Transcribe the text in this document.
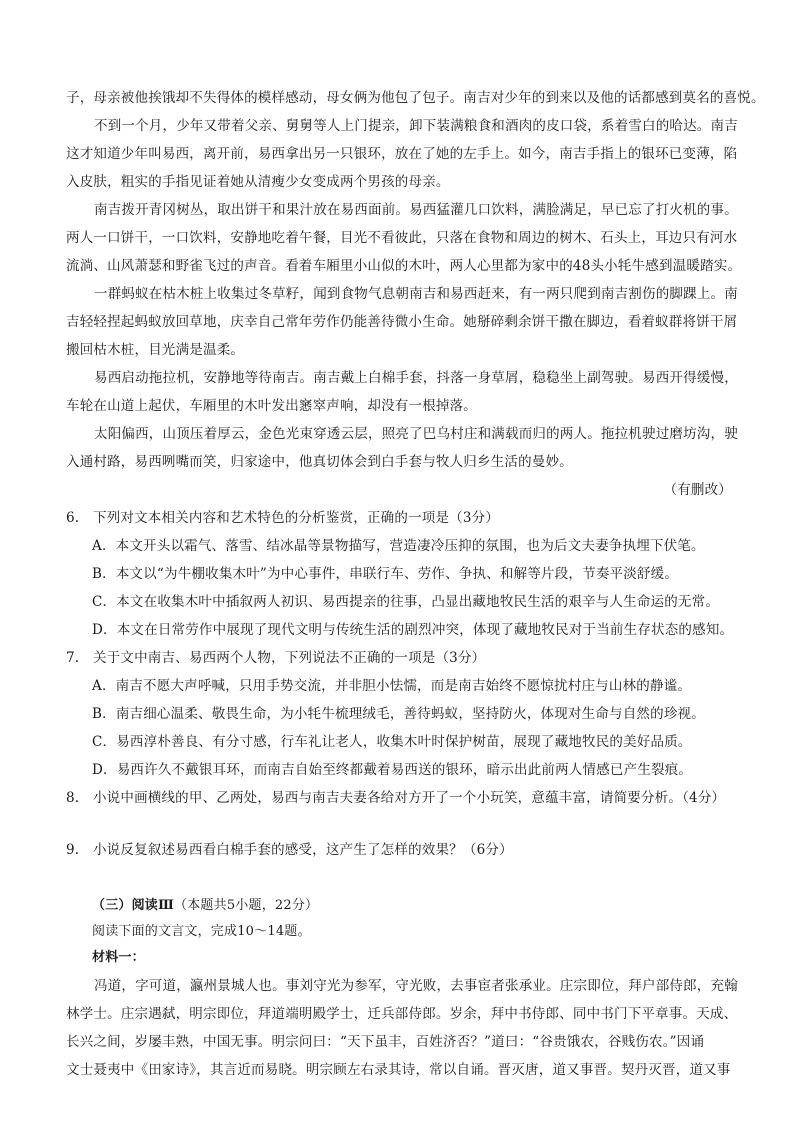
子，母亲被他挨饿却不失得体的模样感动，母女俩为他包了包子。南吉对少年的到来以及他的话都感到莫名的喜悦。
不到一个月，少年又带着父亲、舅舅等人上门提亲，卸下装满粮食和酒肉的皮口袋，系着雪白的哈达。南吉
这才知道少年叫易西，离开前，易西拿出另一只银环，放在了她的左手上。如今，南吉手指上的银环已变薄，陷
入皮肤，粗实的手指见证着她从清瘦少女变成两个男孩的母亲。
南吉拨开青冈树丛，取出饼干和果汁放在易西面前。易西猛灌几口饮料，满脸满足，早已忘了打火机的事。
两人一口饼干，一口饮料，安静地吃着午餐，目光不看彼此，只落在食物和周边的树木、石头上，耳边只有河水
流淌、山风萧瑟和野雀飞过的声音。看着车厢里小山似的木叶，两人心里都为家中的48头小牦牛感到温暖踏实。
一群蚂蚁在枯木桩上收集过冬草籽，闻到食物气息朝南吉和易西赶来，有一两只爬到南吉割伤的脚踝上。南
吉轻轻捏起蚂蚁放回草地，庆幸自己常年劳作仍能善待微小生命。她掰碎剩余饼干撒在脚边，看着蚁群将饼干屑
搬回枯木桩，目光满是温柔。
易西启动拖拉机，安静地等待南吉。南吉戴上白棉手套，抖落一身草屑，稳稳坐上副驾驶。易西开得缓慢，
车轮在山道上起伏，车厢里的木叶发出窸窣声响，却没有一根掉落。
太阳偏西，山顶压着厚云，金色光束穿透云层，照亮了巴乌村庄和满载而归的两人。拖拉机驶过磨坊沟，驶
入通村路，易西咧嘴而笑，归家途中，他真切体会到白手套与牧人归乡生活的曼妙。
（有删改）
6.　下列对文本相关内容和艺术特色的分析鉴赏，正确的一项是（3分）
A．本文开头以霜气、落雪、结冰晶等景物描写，营造凄冷压抑的氛围，也为后文夫妻争执埋下伏笔。
B．本文以“为牛棚收集木叶”为中心事件，串联行车、劳作、争执、和解等片段，节奏平淡舒缓。
C．本文在收集木叶中插叙两人初识、易西提亲的往事，凸显出藏地牧民生活的艰辛与人生命运的无常。
D．本文在日常劳作中展现了现代文明与传统生活的剧烈冲突，体现了藏地牧民对于当前生存状态的感知。
7.　关于文中南吉、易西两个人物，下列说法不正确的一项是（3分）
A．南吉不愿大声呼喊，只用手势交流，并非胆小怯懦，而是南吉始终不愿惊扰村庄与山林的静谧。
B．南吉细心温柔、敬畏生命，为小牦牛梳理绒毛，善待蚂蚁，坚持防火，体现对生命与自然的珍视。
C．易西淳朴善良、有分寸感，行车礼让老人，收集木叶时保护树苗，展现了藏地牧民的美好品质。
D．易西许久不戴银耳环，而南吉自始至终都戴着易西送的银环，暗示出此前两人情感已产生裂痕。
8.　小说中画横线的甲、乙两处，易西与南吉夫妻各给对方开了一个小玩笑，意蕴丰富，请简要分析。（4分）
9.　小说反复叙述易西看白棉手套的感受，这产生了怎样的效果？（6分）
（三）阅读Ⅲ（本题共5小题，22分）
阅读下面的文言文，完成10～14题。
材料一：
冯道，字可道，瀛州景城人也。事刘守光为参军，守光败，去事宦者张承业。庄宗即位，拜户部侍郎，充翰
林学士。庄宗遇弑，明宗即位，拜道端明殿学士，迁兵部侍郎。岁余，拜中书侍郎、同中书门下平章事。天成、
长兴之间，岁屡丰熟，中国无事。明宗问曰：“天下虽丰，百姓济否？”道曰：“谷贵饿农，谷贱伤农。”因诵
文士聂夷中《田家诗》，其言近而易晓。明宗顾左右录其诗，常以自诵。晋灭唐，道又事晋。契丹灭晋，道又事
